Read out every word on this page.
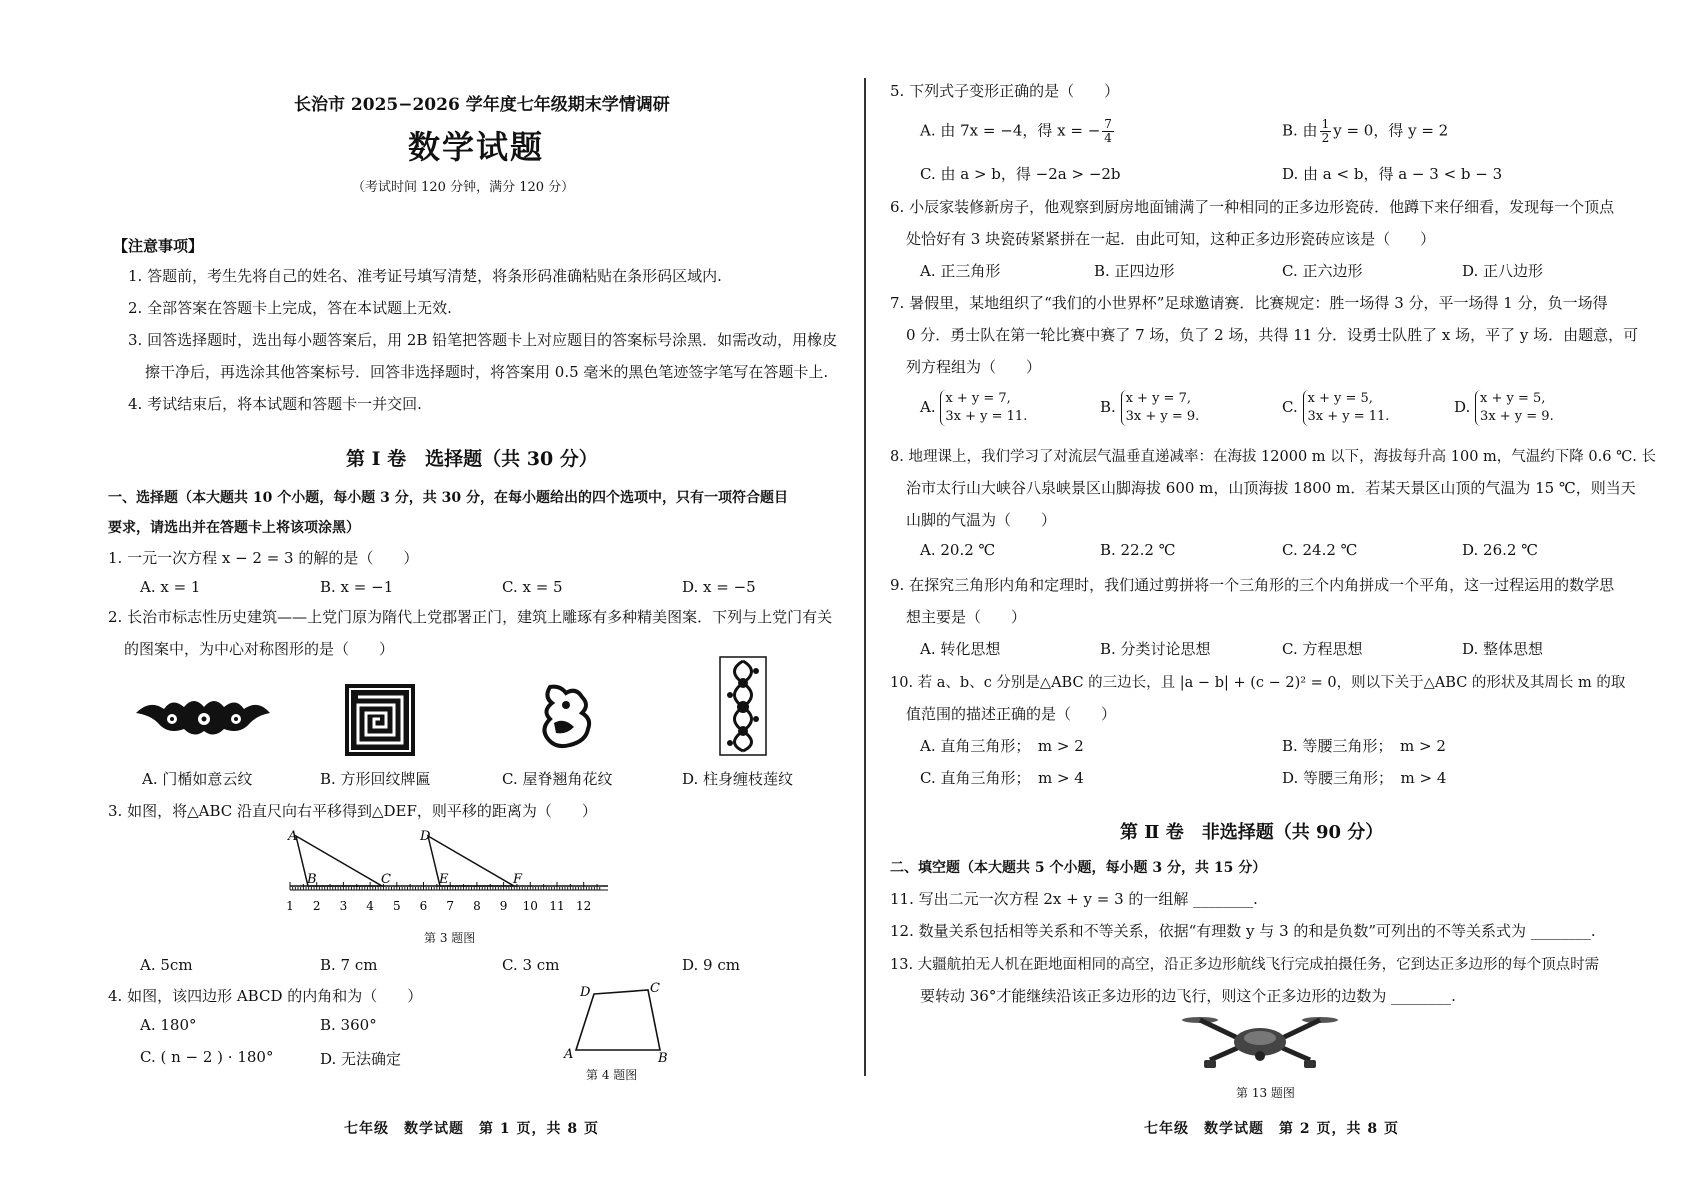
长治市 2025−2026 学年度七年级期末学情调研
数学试题
（考试时间 120 分钟，满分 120 分）
【注意事项】
1. 答题前，考生先将自己的姓名、准考证号填写清楚，将条形码准确粘贴在条形码区域内.
2. 全部答案在答题卡上完成，答在本试题上无效.
3. 回答选择题时，选出每小题答案后，用 2B 铅笔把答题卡上对应题目的答案标号涂黑．如需改动，用橡皮
擦干净后，再选涂其他答案标号．回答非选择题时，将答案用 0.5 毫米的黑色笔迹签字笔写在答题卡上.
4. 考试结束后，将本试题和答题卡一并交回.
第 Ⅰ 卷　选择题（共 30 分）
一、选择题（本大题共 10 个小题，每小题 3 分，共 30 分，在每小题给出的四个选项中，只有一项符合题目
要求，请选出并在答题卡上将该项涂黑）
1. 一元一次方程 x − 2 = 3 的解的是（　　）
A. x = 1	B. x = −1	C. x = 5	D. x = −5
2. 长治市标志性历史建筑——上党门原为隋代上党郡署正门，建筑上雕琢有多种精美图案．下列与上党门有关
的图案中，为中心对称图形的是（　　）
A. 门楯如意云纹	B. 方形回纹牌匾	C. 屋脊翘角花纹	D. 柱身缠枝莲纹
3. 如图，将△ABC 沿直尺向右平移得到△DEF，则平移的距离为（　　）
A
B	C
D
E	F
1 2 3 4 5 6 7 8 9 10 11 12
第 3 题图
A. 5cm	B. 7 cm	C. 3 cm	D. 9 cm
4. 如图，该四边形 ABCD 的内角和为（　　）
A. 180°	B. 360°
C. ( n − 2 ) · 180°	D. 无法确定
D	C
A	B
第 4 题图
七年级　数学试题　第 1 页，共 8 页
5. 下列式子变形正确的是（　　）
A. 由 7x = −4，得 x = − $\frac{7}{4}$	B. 由 $\frac{1}{2}$ y = 0，得 y = 2
C. 由 a > b，得 −2a > −2b	D. 由 a < b，得 a − 3 < b − 3
6. 小辰家装修新房子，他观察到厨房地面铺满了一种相同的正多边形瓷砖．他蹲下来仔细看，发现每一个顶点
处恰好有 3 块瓷砖紧紧拼在一起．由此可知，这种正多边形瓷砖应该是（　　）
A. 正三角形	B. 正四边形	C. 正六边形	D. 正八边形
7. 暑假里，某地组织了“我们的小世界杯”足球邀请赛．比赛规定：胜一场得 3 分，平一场得 1 分，负一场得
0 分．勇士队在第一轮比赛中赛了 7 场，负了 2 场，共得 11 分．设勇士队胜了 x 场，平了 y 场．由题意，可
列方程组为（　　）
A. x + y = 7,
3x + y = 11.
B. x + y = 7,
3x + y = 9.
C. x + y = 5,
3x + y = 11.
D. x + y = 5,
3x + y = 9.
8. 地理课上，我们学习了对流层气温垂直递减率：在海拔 12000 m 以下，海拔每升高 100 m，气温约下降 0.6 ℃. 长
治市太行山大峡谷八泉峡景区山脚海拔 600 m，山顶海拔 1800 m．若某天景区山顶的气温为 15 ℃，则当天
山脚的气温为（　　）
A. 20.2 ℃	B. 22.2 ℃	C. 24.2 ℃	D. 26.2 ℃
9. 在探究三角形内角和定理时，我们通过剪拼将一个三角形的三个内角拼成一个平角，这一过程运用的数学思
想主要是（　　）
A. 转化思想	B. 分类讨论思想	C. 方程思想	D. 整体思想
10. 若 a、b、c 分别是△ABC 的三边长，且 |a − b| + (c − 2)² = 0，则以下关于△ABC 的形状及其周长 m 的取
值范围的描述正确的是（　　）
A. 直角三角形；　m > 2	B. 等腰三角形；　m > 2
C. 直角三角形；　m > 4	D. 等腰三角形；　m > 4
第 Ⅱ 卷　非选择题（共 90 分）
二、填空题（本大题共 5 个小题，每小题 3 分，共 15 分）
11. 写出二元一次方程 2x + y = 3 的一组解 ________.
12. 数量关系包括相等关系和不等关系，依据“有理数 y 与 3 的和是负数”可列出的不等关系式为 ________.
13. 大疆航拍无人机在距地面相同的高空，沿正多边形航线飞行完成拍摄任务，它到达正多边形的每个顶点时需
要转动 36°才能继续沿该正多边形的边飞行，则这个正多边形的边数为 ________.
第 13 题图
七年级　数学试题　第 2 页，共 8 页
